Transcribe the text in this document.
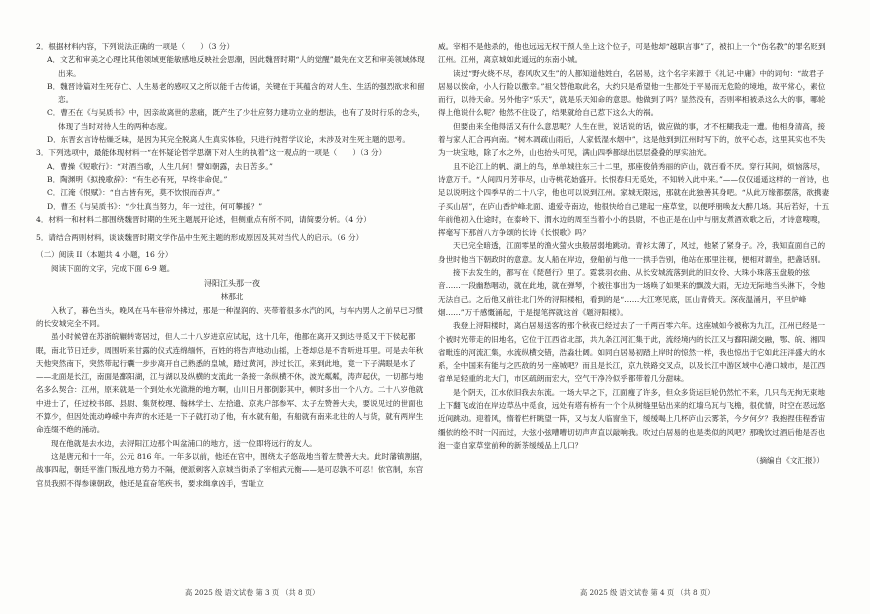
2．根据材料内容，下列说法正确的一项是（　　）（3 分）

A．文艺和审美之心理比其他领域更能敏感地反映社会思潮，因此魏晋时期“人的觉醒”最先在文艺和审美领域体现出来。

B．魏晋诗篇对生死存亡、人生易老的感叹又之所以能千古传诵，关键在于其蕴含的对人生、生活的强烈欲求和留恋。

C．曹丕在《与吴质书》中，因亲故离世的悲痛，既产生了少壮应努力建功立业的想法，也有了及时行乐的念头，体现了当时对待人生的两种态度。

D．东晋玄言诗枯燥乏味，是因为其完全脱离人生真实体验，只进行纯哲学议论，未涉及对生死主题的思考。

3．下列选项中，最能体现材料一“在怀疑论哲学思潮下对人生的执着”这一观点的一项是（　　）（3 分）

A．曹操《短歌行》：“对酒当歌，人生几何！譬如朝露，去日苦多。”

B．陶渊明《拟挽歌辞》：“有生必有死，早终非命促。”

C．江淹《恨赋》：“自古皆有死，莫不饮恨而吞声。”

D．曹丕《与吴质书》：“少壮真当努力，年一过往，何可攀援？”

4．材料一和材料二都围绕魏晋时期的生死主题展开论述，但侧重点有所不同，请简要分析。（4 分）

5．请结合两则材料，谈谈魏晋时期文学作品中生死主题的形成原因及其对当代人的启示。（6 分）

（二）阅读 II（本题共 4 小题，16 分）

阅读下面的文字，完成下面 6-9 题。

浔阳江头那一夜

林那北

入秋了，暮色当头，晚风在马车巷帘外拂过，那是一种湿润的、夹带着很多水汽的风，与车内男人之前早已习惯的长安城完全不同。

虽小时候曾在苏浙皖辗转寄居过，但人二十八岁进京应试起，这十几年，他都在离开又到达寻觅又干下侯起都眠，南北节日迁步，周围听来甘露的仪式连绵缅怀，百姓的将告声地动山摇，上苍却总是不肯听进耳里。可是去年秋天他突然南下，突然带起行囊一步步离开自己熟悉的皇城，踏过黄河，涉过长江，来到此地，竟一下子满眼是水了——北面是长江，南面是鄱阳湖，江与湖以及纵横的支流此一条接一条纵横不休，波光粼粼，涛声起伏，一切都与地名多么契合：江州，原来就是一个到处水光潋滟的地方啊，山川日月都倒影其中，顿时多出一个八方。二十八岁他就中进士了，任过校书郎、县尉、集贤校理、翰林学士、左拾遗、京兆户部参军、太子左赞善大夫，要说见过的世面也不算少，但因处流动峥嵘中奔声的水还是一下子就打动了他，有水就有船，有船就有南来北往的人与货，就有两岸生命连缀不绝的涌动。

现在他就是去水边，去浔阳江边那个叫盆浦口的地方，送一位即将远行的友人。

这是唐元和十一年，公元 816 年。一年多以前，他还在官中，围绕太子悠哉地当着左赞善大夫。此时藩镇割据，战事四起，朝廷平淮门叛乱地方势力不隔，便派刺客入京城当街杀了宰相武元衡——是可忍孰不可忍！依官制，东宫官员我照不得参谏朝政，他还是直奋笔疾书，要求缉拿凶手，雪耻立

威。宰相不是他杀的，他也远远无权干预人坐上这个位子，可是他却“越职言事”了，被扣上一个“伤名教”的罪名贬到江州。江州，离京城如此遥远的东南小城。

读过“野火烧不尽，春风吹又生”的人都知道他姓白，名居易，这个名字来源于《礼记·中庸》中的词句：“故君子居易以俟命，小人行险以徼幸。”祖父替他取此名，大约只是希望他一生都处于平易而无危险的境地，故平常心，素位而行，以待天命。另外他字“乐天”，就是乐天知命的意思。他做到了吗？显然没有，否则率相被杀这么大的事，哪轮得上他说什么呢？他然不住设了，结果就给自己惹下这么大的祸。

但要由来全他得活又有什么意思呢？人生在世，说话说的话，做应做的事，才不枉糊我走一遭。他相身清高，接着与家人汇合再向南。“树木凋疏山雨后，人家低湿水烟中”，这是他到到江州时写下的，放平心态，这里其实也不失为一块宝地，除了水之外，山也抬头可见，满山四季都绿出层层叠叠的厚实油光。

且不论江上的帆、湖上的鸟，单单城往东三十二里，那座俊俏秀丽的庐山，就百看不厌。穿行其间，烦恼落尽，诗意万千。“人间四月芳菲尽，山寺桃花始盛开。长恨春归无觅处，不知转入此中来。”——仅仅遥遥这样的一首诗，也足以说明这个四季早的二十八字，他也可以说到江州。家城无限远，那就在此独善其身吧。“从此万缘都摆落，欲携妻子买山居”，在庐山香炉峰北面、遗爱寺南边，他很快给自己建起一座草堂，以便呼朋唤友大醉几场。其后若好，十五年前他初入仕途时，在泰岭下、渭水边的周至当着小小的县尉，不也正是在山中与朋友煮酒欢歌之后，才诗意嗖嗖，挥毫写下那首八方争颂的长诗《长恨歌》吗？

天已完全暗透，江面零星的渔火萤火虫般居弱地跳动。青衫太薄了，风过，他紧了紧身子。冷，我知直面自己的身世时他当下朝政时的意意。友人船在岸边，登船前与他一一拱手告别，他站在那里注视，便相对谓坐，把盏话别。

接下去发生的，都写在《琵琶行》里了。霓裳羽衣曲、从长安城流落到此的旧女伶、大珠小珠落玉盘般的弦音……一段幽愁咽动，就在此地，就在弹琴，个被往事出为一场唤了如果来的飘泼大雨，无边无际地当头淋下，令他无法自己。之后他又前往北门外的浔阳楼相，看到的是“……大江寒见底，匡山青倚天。深夜温涌月，平旦炉峰烟……”万千感慨涌起，于是提笔挥就这首《题浔阳楼》。

我登上浔阳楼时，离白居易送客的那个秋夜已经过去了一千两百零六年。这座城如今被称为九江，江州已经是一个被时光带走的旧地名，它位于江西省北部，共九条江河汇集于此，流经境内的长江又与鄱阳湖交融，鄂、皖、湘四省毗连的河流汇集，水流纵横交错，浩淼壮阔。如同白居易初踏上岸时的惊然一样，我也惊出于它如此汪洋盛大的水系，全中国来有能与之匹敌的另一座城吧？而且是长江，京九铁路交叉点，以及长江中游区域中心港口城市，是江西省单足轻重的北大门，市区疏朗而宏大，空气干净冷似乎都带着几分甜味。

是个阴天，江水依旧我去东流。一场大早之下，江面瘦了许多，但众多货运巨轮仍然忙不来，几只鸟无拘无束地上下翻飞或泊在岸边草丛中觅食，远处有塔有桥有一个个从树缝里钻出来的红墙乌瓦与飞檐，很优情，时空在恶远悠近间跳动。迎着风，惰着栏杆眺望一阵，又与友人临窗坐下，缓缓喝上几杯庐山云雾茶，今夕何夕？我抱捏佳程香宙缰依的绘不时一闪而过，大弦小弦嘈嘈切切声声直以敲响我。吹过白居易的也是类似的风吧？那晚饮过酒后他是否也泡一壶自家草堂前种的新茶缓缓品上几口？

（摘编自《文汇报》）

高 2025 级 语文试卷 第 3 页 （共 8 页）	高 2025 级 语文试卷 第 4 页 （共 8 页）
